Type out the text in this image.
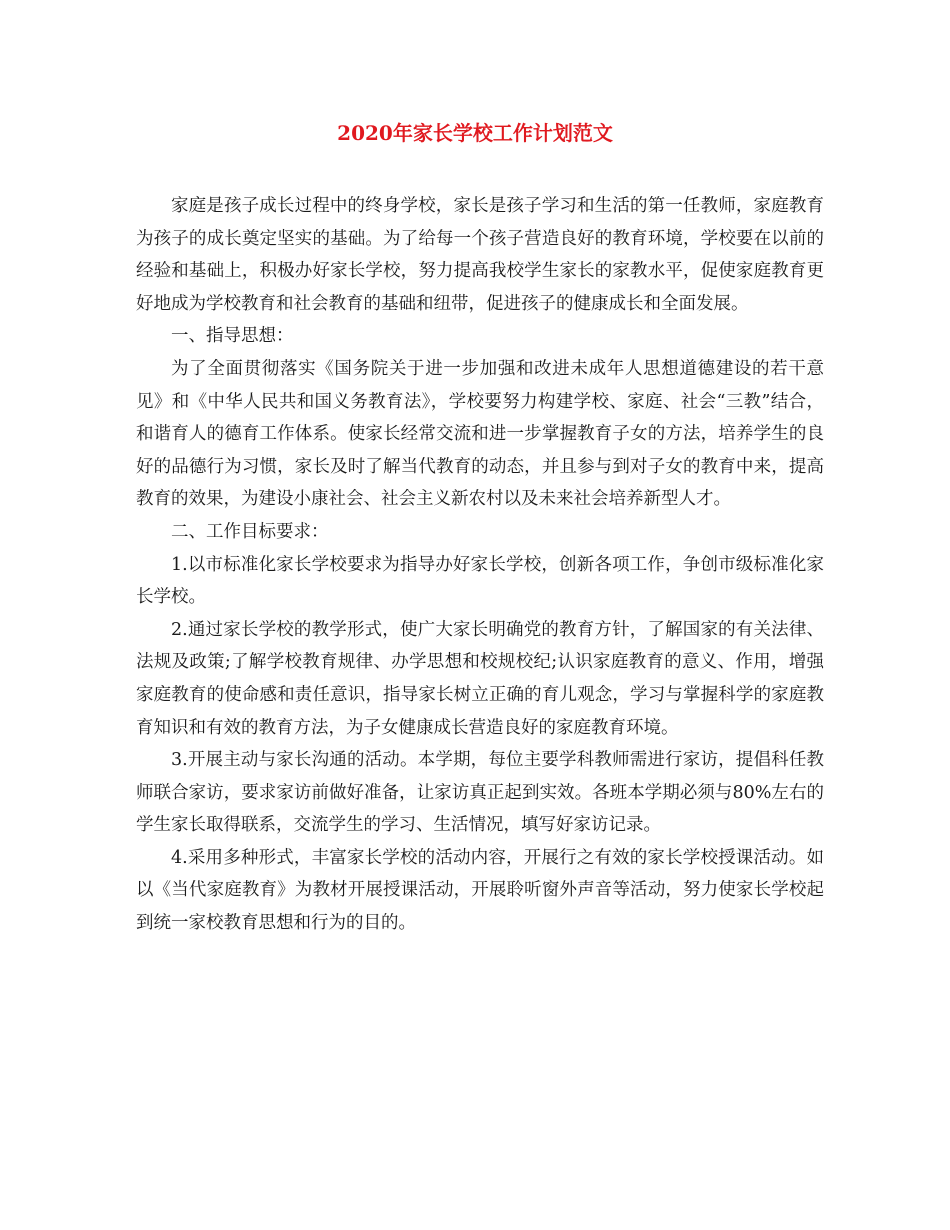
2020年家长学校工作计划范文

家庭是孩子成长过程中的终身学校，家长是孩子学习和生活的第一任教师，家庭教育为孩子的成长奠定坚实的基础。为了给每一个孩子营造良好的教育环境，学校要在以前的经验和基础上，积极办好家长学校，努力提高我校学生家长的家教水平，促使家庭教育更好地成为学校教育和社会教育的基础和纽带，促进孩子的健康成长和全面发展。

一、指导思想：

为了全面贯彻落实《国务院关于进一步加强和改进未成年人思想道德建设的若干意见》和《中华人民共和国义务教育法》，学校要努力构建学校、家庭、社会“三教”结合，和谐育人的德育工作体系。使家长经常交流和进一步掌握教育子女的方法，培养学生的良好的品德行为习惯，家长及时了解当代教育的动态，并且参与到对子女的教育中来，提高教育的效果，为建设小康社会、社会主义新农村以及未来社会培养新型人才。

二、工作目标要求：

1.以市标准化家长学校要求为指导办好家长学校，创新各项工作，争创市级标准化家长学校。

2.通过家长学校的教学形式，使广大家长明确党的教育方针，了解国家的有关法律、法规及政策;了解学校教育规律、办学思想和校规校纪;认识家庭教育的意义、作用，增强家庭教育的使命感和责任意识，指导家长树立正确的育儿观念，学习与掌握科学的家庭教育知识和有效的教育方法，为子女健康成长营造良好的家庭教育环境。

3.开展主动与家长沟通的活动。本学期，每位主要学科教师需进行家访，提倡科任教师联合家访，要求家访前做好准备，让家访真正起到实效。各班本学期必须与80%左右的学生家长取得联系，交流学生的学习、生活情况，填写好家访记录。

4.采用多种形式，丰富家长学校的活动内容，开展行之有效的家长学校授课活动。如以《当代家庭教育》为教材开展授课活动，开展聆听窗外声音等活动，努力使家长学校起到统一家校教育思想和行为的目的。
